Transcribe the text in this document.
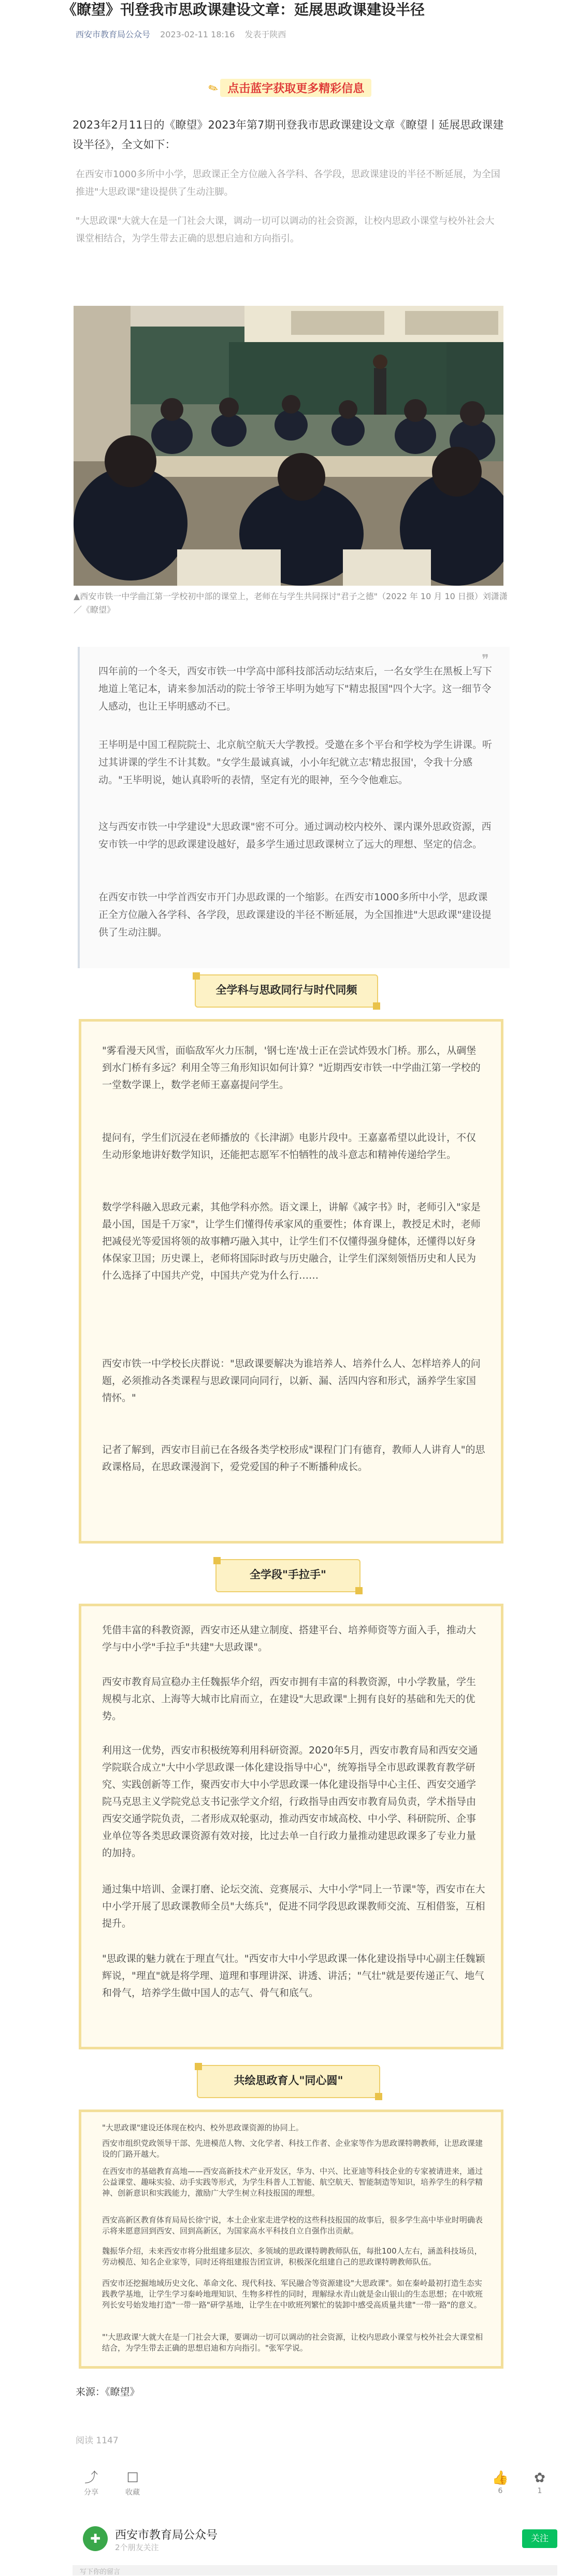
《瞭望》刊登我市思政课建设文章：延展思政课建设半径
西安市教育局公众号 2023-02-11 18:16 发表于陕西
✎ 点击蓝字获取更多精彩信息
2023年2月11日的《瞭望》2023年第7期刊登我市思政课建设文章《瞭望丨延展思政课建设半径》，全文如下：
在西安市1000多所中小学，思政课正全方位融入各学科、各学段，思政课建设的半径不断延展，为全国推进"大思政课"建设提供了生动注脚。
"大思政课"大就大在是一门社会大课，调动一切可以调动的社会资源，让校内思政小课堂与校外社会大课堂相结合，为学生带去正确的思想启迪和方向指引。
▲西安市铁一中学曲江第一学校初中部的课堂上，老师在与学生共同探讨"君子之德"（2022 年 10 月 10 日摄）刘潇潇／《瞭望》
❞

四年前的一个冬天，西安市铁一中学高中部科技部活动坛结束后，一名女学生在黑板上写下地道上笔记本，请来参加活动的院士爷爷王毕明为她写下"精忠报国"四个大字。这一细节令人感动，也让王毕明感动不已。

王毕明是中国工程院院士、北京航空航天大学教授。受邀在多个平台和学校为学生讲课。听过其讲课的学生不计其数。"女学生最诚真诚，小小年纪就立志'精忠报国'，令我十分感动。"王毕明说，她认真聆听的表情，坚定有光的眼神，至今令他难忘。

这与西安市铁一中学建设"大思政课"密不可分。通过调动校内校外、课内课外思政资源，西安市铁一中学的思政课建设越好，最多学生通过思政课树立了远大的理想、坚定的信念。

在西安市铁一中学首西安市开门办思政课的一个缩影。在西安市1000多所中小学，思政课正全方位融入各学科、各学段，思政课建设的半径不断延展，为全国推进"大思政课"建设提供了生动注脚。

全学科与思政同行与时代同频

"雾看漫天风雪，面临敌军火力压制，'钢七连'战士正在尝试炸毁水门桥。那么，从碉堡到水门桥有多远？利用全等三角形知识如何计算？"近期西安市铁一中学曲江第一学校的一堂数学课上，数学老师王嘉嘉提问学生。

提问有，学生们沉浸在老师播放的《长津湖》电影片段中。王嘉嘉希望以此设计，不仅生动形象地讲好数学知识，还能把志愿军不怕牺牲的战斗意志和精神传递给学生。

数学学科融入思政元素，其他学科亦然。语文课上，讲解《减字书》时，老师引入"家是最小国，国是千万家"，让学生们懂得传承家风的重要性；体育课上，教授足术时，老师把减侵光等爱国将领的故事糟巧融入其中，让学生们不仅懂得强身健体，还懂得以好身体保家卫国；历史课上，老师将国际时政与历史融合，让学生们深刻领悟历史和人民为什么选择了中国共产党，中国共产党为什么行……

西安市铁一中学校长庆群说："思政课要解决为谁培养人、培养什么人、怎样培养人的问题，必须推动各类课程与思政课同向同行，以新、漏、活四内容和形式，涵养学生家国情怀。"

记者了解到，西安市目前已在各级各类学校形成"课程门门有德育，教师人人讲育人"的思政课格局，在思政课漫润下，爱党爱国的种子不断播种成长。

全学段"手拉手"

凭借丰富的科教资源，西安市还从建立制度、搭建平台、培养师资等方面入手，推动大学与中小学"手拉手"共建"大思政课"。

西安市教育局宣稳办主任魏振华介绍，西安市拥有丰富的科教资源，中小学教量，学生规模与北京、上海等大城市比肩而立，在建设"大思政课"上拥有良好的基础和先天的优势。

利用这一优势，西安市积极统筹利用科研资源。2020年5月，西安市教育局和西安交通学院联合成立"大中小学思政课一体化建设指导中心"，统筹指导全市思政课教育教学研究、实践创新等工作，聚西安市大中小学思政课一体化建设指导中心主任、西安交通学院马克思主义学院党总支书记张学文介绍，行政指导由西安市教育局负责，学术指导由西安交通学院负责，二者形成双轮驱动，推动西安市域高校、中小学、科研院所、企事业单位等各类思政课资源有效对接，比过去单一自行政力量推动建思政课多了专业力量的加持。

通过集中培训、金课打磨、论坛交流、竞赛展示、大中小学"同上一节课"等，西安市在大中小学开展了思政课教师全员"大练兵"，促进不同学段思政课教师交流、互相借鉴，互相提升。

"思政课的魅力就在于理直气壮。"西安市大中小学思政课一体化建设指导中心副主任魏颖辉说，"理直"就是将学理、道理和事理讲深、讲透、讲活；"气壮"就是要传递正气、地气和骨气，培养学生做中国人的志气、骨气和底气。

共绘思政育人"同心圆"

"大思政课"建设还体现在校内、校外思政课资源的协同上。

西安市组织党政领导干部、先进模范人物、文化学者、科技工作者、企业家等作为思政课特聘教师，让思政课建设的门路开越大。

在西安市的基础教育高地——西安高新技术产业开发区，华为、中兴、比亚迪等科技企业的专家被请进来，通过公益课堂、趣味实验、动手实践等形式，为学生科普人工智能、航空航天、智能制造等知识，培养学生的科学精神、创新意识和实践能力，激励广大学生树立科技报国的理想。

西安高新区教育体育局局长徐宁说，本土企业家走进学校的这些科技报国的故事后，很多学生高中毕业时明确表示将来愿意回到西安、回到高新区，为国家高水平科技自立自强作出贡献。

魏振华介绍，未来西安市将分批组建多层次、多领域的思政课特聘教师队伍，每批100人左右，涵盖科技场员，劳动模范、知名企业家等，同时还将组建报告团宣讲，积极深化组建自己的思政课特聘教师队伍。

西安市还挖掘地域历史文化、革命文化、现代科技、军民融合等资源建设"大思政课"。如在秦岭最初打造生态实践教学基地，让学生学习秦岭地理知识、生物多样性的同时，理解绿水青山就是金山银山的生态思想；在中欧班列长安号始发地打造"一带一路"研学基地，让学生在中欧班列繁忙的装卸中感受高质量共建"一带一路"的意义。

"'大思政课'大就大在是一门社会大课，要调动一切可以调动的社会资源，让校内思政小课堂与校外社会大课堂相结合，为学生带去正确的思想启迪和方向指引。"张军学说。

来源：《瞭望》
阅读 1147
⤴
分享
☐
收藏
👍
6
✿
1
✚	西安市教育局公众号
2个朋友关注
关注
写下你的留言
